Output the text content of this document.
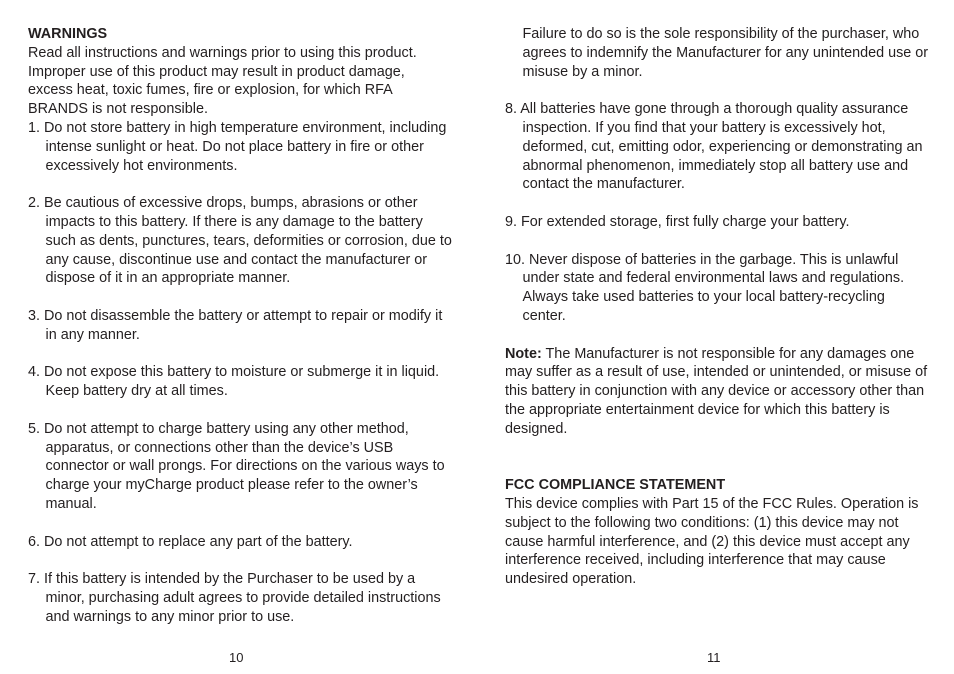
WARNINGS

Read all instructions and warnings prior to using this product. Improper use of this product may result in product damage, excess heat, toxic fumes, fire or explosion, for which RFA BRANDS is not responsible.

1. Do not store battery in high temperature environment, including intense sunlight or heat. Do not place battery in fire or other excessively hot environments.

2. Be cautious of excessive drops, bumps, abrasions or other impacts to this battery. If there is any damage to the battery such as dents, punctures, tears, deformities or corrosion, due to any cause, discontinue use and contact the manufacturer or dispose of it in an appropriate manner.

3. Do not disassemble the battery or attempt to repair or modify it in any manner.

4. Do not expose this battery to moisture or submerge it in liquid. Keep battery dry at all times.

5. Do not attempt to charge battery using any other method, apparatus, or connections other than the device’s USB connector or wall prongs. For directions on the various ways to charge your myCharge product please refer to the owner’s manual.

6. Do not attempt to replace any part of the battery.

7. If this battery is intended by the Purchaser to be used by a minor, purchasing adult agrees to provide detailed instructions and warnings to any minor prior to use.

Failure to do so is the sole responsibility of the purchaser, who agrees to indemnify the Manufacturer for any unintended use or misuse by a minor.

8. All batteries have gone through a thorough quality assurance inspection. If you find that your battery is excessively hot, deformed, cut, emitting odor, experiencing or demonstrating an abnormal phenomenon, immediately stop all battery use and contact the manufacturer.

9. For extended storage, first fully charge your battery.

10. Never dispose of batteries in the garbage. This is unlawful under state and federal environmental laws and regulations. Always take used batteries to your local battery-recycling center.

Note: The Manufacturer is not responsible for any damages one may suffer as a result of use, intended or unintended, or misuse of this battery in conjunction with any device or accessory other than the appropriate entertainment device for which this battery is designed.

FCC COMPLIANCE STATEMENT

This device complies with Part 15 of the FCC Rules. Operation is subject to the following two conditions: (1) this device may not cause harmful interference, and (2) this device must accept any interference received, including interference that may cause undesired operation.

10	11
